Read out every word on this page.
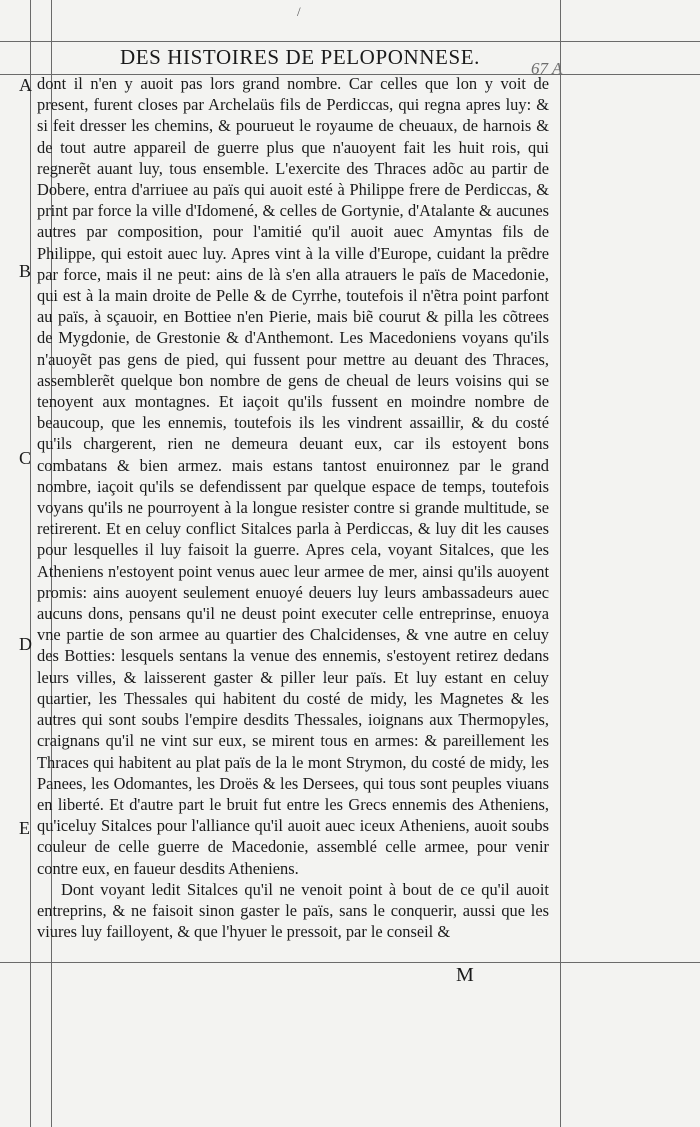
/
DES HISTOIRES DE PELOPONNESE.	67 A
A
B
C
D
E

dont il n'en y auoit pas lors grand nombre. Car celles que lon y voit de present, furent closes par Archelaüs fils de Perdiccas, qui regna apres luy: & si feit dresser les chemins, & pourueut le royaume de cheuaux, de harnois & de tout autre appareil de guerre plus que n'auoyent fait les huit rois, qui regnerẽt auant luy, tous ensemble. L'exercite des Thraces adõc au partir de Dobere, entra d'arriuee au païs qui auoit esté à Philippe frere de Perdiccas, & print par force la ville d'Idomené, & celles de Gortynie, d'Atalante & aucunes autres par composition, pour l'amitié qu'il auoit auec Amyntas fils de Philippe, qui estoit auec luy. Apres vint à la ville d'Europe, cuidant la prẽdre par force, mais il ne peut: ains de là s'en alla atrauers le païs de Macedonie, qui est à la main droite de Pelle & de Cyrrhe, toutefois il n'ẽtra point parfont au païs, à sçauoir, en Bottiee n'en Pierie, mais biẽ courut & pilla les cõtrees de Mygdonie, de Grestonie & d'Anthemont. Les Macedoniens voyans qu'ils n'auoyẽt pas gens de pied, qui fussent pour mettre au deuant des Thraces, assemblerẽt quelque bon nombre de gens de cheual de leurs voisins qui se tenoyent aux montagnes. Et iaçoit qu'ils fussent en moindre nombre de beaucoup, que les ennemis, toutefois ils les vindrent assaillir, & du costé qu'ils chargerent, rien ne demeura deuant eux, car ils estoyent bons combatans & bien armez. mais estans tantost enuironnez par le grand nombre, iaçoit qu'ils se defendissent par quelque espace de temps, toutefois voyans qu'ils ne pourroyent à la longue resister contre si grande multitude, se retirerent. Et en celuy conflict Sitalces parla à Perdiccas, & luy dit les causes pour lesquelles il luy faisoit la guerre. Apres cela, voyant Sitalces, que les Atheniens n'estoyent point venus auec leur armee de mer, ainsi qu'ils auoyent promis: ains auoyent seulement enuoyé deuers luy leurs ambassadeurs auec aucuns dons, pensans qu'il ne deust point executer celle entreprinse, enuoya vne partie de son armee au quartier des Chalcidenses, & vne autre en celuy des Botties: lesquels sentans la venue des ennemis, s'estoyent retirez dedans leurs villes, & laisserent gaster & piller leur païs. Et luy estant en celuy quartier, les Thessales qui habitent du costé de midy, les Magnetes & les autres qui sont soubs l'empire desdits Thessales, ioignans aux Thermopyles, craignans qu'il ne vint sur eux, se mirent tous en armes: & pareillement les Thraces qui habitent au plat païs de la le mont Strymon, du costé de midy, les Panees, les Odomantes, les Droës & les Dersees, qui tous sont peuples viuans en liberté. Et d'autre part le bruit fut entre les Grecs ennemis des Atheniens, qu'iceluy Sitalces pour l'alliance qu'il auoit auec iceux Atheniens, auoit soubs couleur de celle guerre de Macedonie, assemblé celle armee, pour venir contre eux, en faueur desdits Atheniens.

Dont voyant ledit Sitalces qu'il ne venoit point à bout de ce qu'il auoit entreprins, & ne faisoit sinon gaster le païs, sans le conquerir, aussi que les viures luy failloyent, & que l'hyuer le pressoit, par le conseil &

M
